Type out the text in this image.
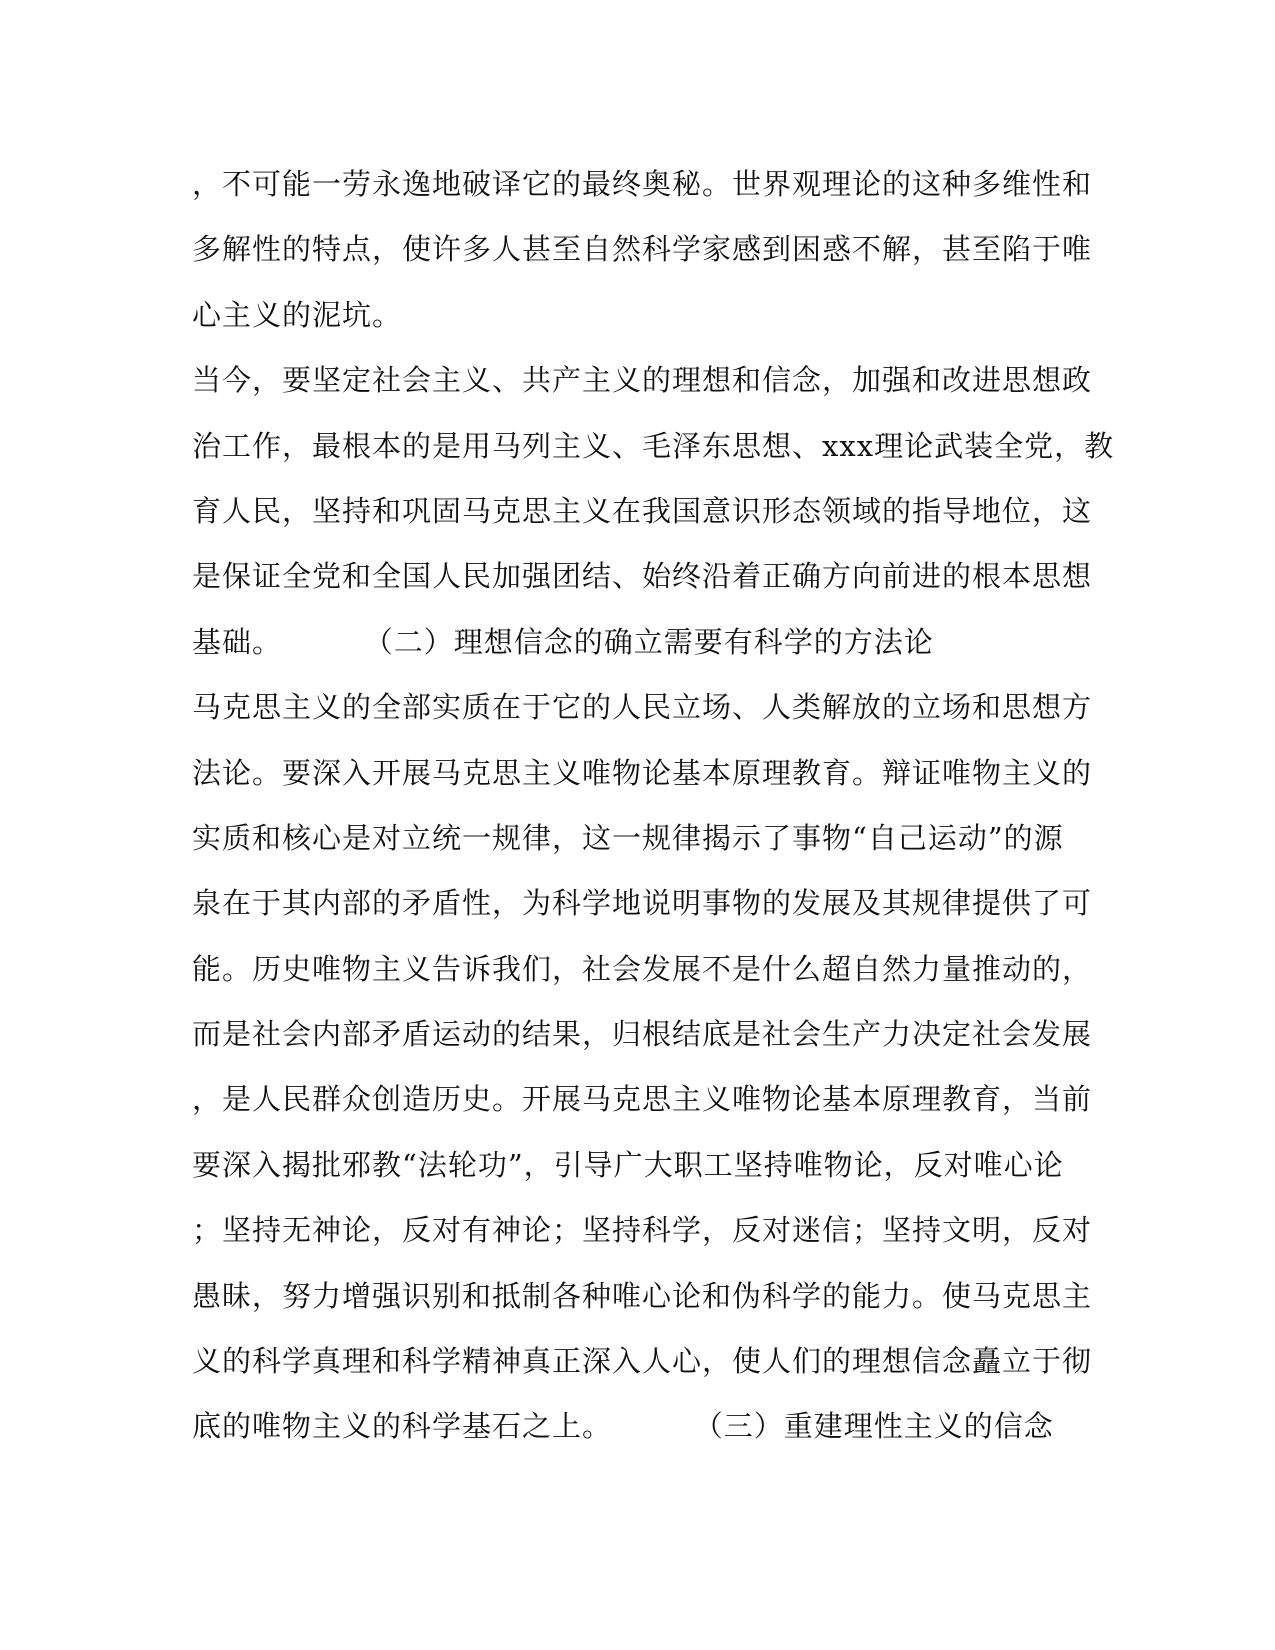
，不可能一劳永逸地破译它的最终奥秘。世界观理论的这种多维性和
多解性的特点，使许多人甚至自然科学家感到困惑不解，甚至陷于唯
心主义的泥坑。
当今，要坚定社会主义、共产主义的理想和信念，加强和改进思想政
治工作，最根本的是用马列主义、毛泽东思想、xxx理论武装全党，教
育人民，坚持和巩固马克思主义在我国意识形态领域的指导地位，这
是保证全党和全国人民加强团结、始终沿着正确方向前进的根本思想
基础。        （二）理想信念的确立需要有科学的方法论
马克思主义的全部实质在于它的人民立场、人类解放的立场和思想方
法论。要深入开展马克思主义唯物论基本原理教育。辩证唯物主义的
实质和核心是对立统一规律，这一规律揭示了事物“自己运动”的源
泉在于其内部的矛盾性，为科学地说明事物的发展及其规律提供了可
能。历史唯物主义告诉我们，社会发展不是什么超自然力量推动的，
而是社会内部矛盾运动的结果，归根结底是社会生产力决定社会发展
，是人民群众创造历史。开展马克思主义唯物论基本原理教育，当前
要深入揭批邪教“法轮功”，引导广大职工坚持唯物论，反对唯心论
；坚持无神论，反对有神论；坚持科学，反对迷信；坚持文明，反对
愚昧，努力增强识别和抵制各种唯心论和伪科学的能力。使马克思主
义的科学真理和科学精神真正深入人心，使人们的理想信念矗立于彻
底的唯物主义的科学基石之上。        （三）重建理性主义的信念
